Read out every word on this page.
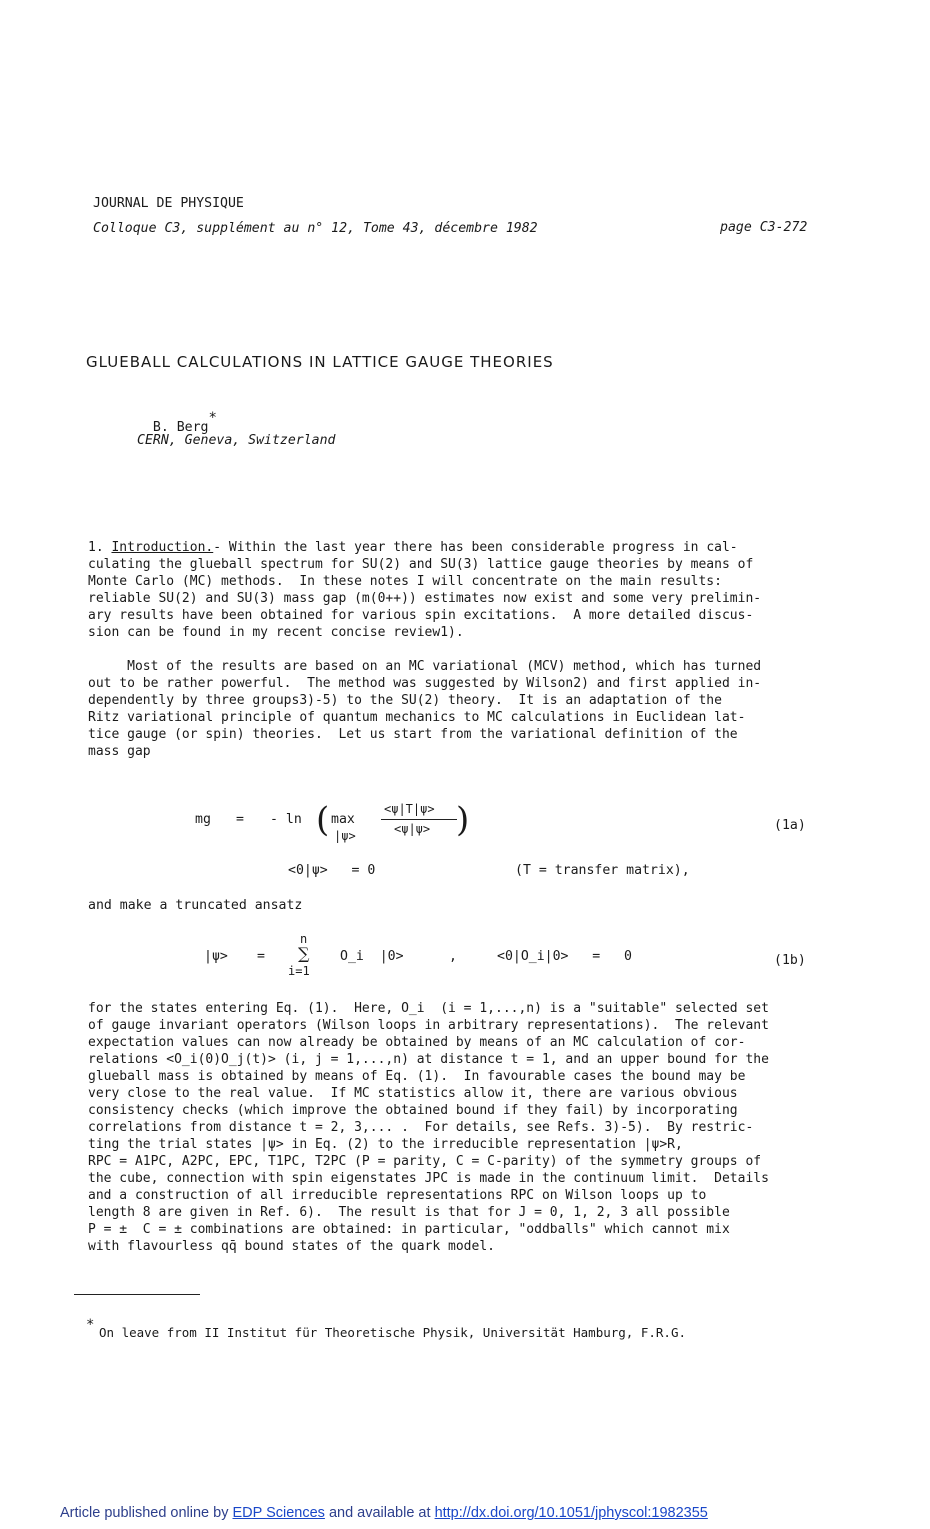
JOURNAL DE PHYSIQUE
Colloque C3, supplément au n° 12, Tome 43, décembre 1982	page C3-272
GLUEBALL CALCULATIONS IN LATTICE GAUGE THEORIES

B. Berg*

CERN, Geneva, Switzerland
1. Introduction.- Within the last year there has been considerable progress in cal-
culating the glueball spectrum for SU(2) and SU(3) lattice gauge theories by means of
Monte Carlo (MC) methods.  In these notes I will concentrate on the main results:
reliable SU(2) and SU(3) mass gap (m(0++)) estimates now exist and some very prelimin-
ary results have been obtained for various spin excitations.  A more detailed discus-
sion can be found in my recent concise review1).
Most of the results are based on an MC variational (MCV) method, which has turned
out to be rather powerful.  The method was suggested by Wilson2) and first applied in-
dependently by three groups3)-5) to the SU(2) theory.  It is an adaptation of the
Ritz variational principle of quantum mechanics to MC calculations in Euclidean lat-
tice gauge (or spin) theories.  Let us start from the variational definition of the
mass gap
mg = - ln ( max
|ψ>
<ψ|T|ψ>
<ψ|ψ> )	(1a)
<0|ψ>   = 0	(T = transfer matrix),
and make a truncated ansatz
|ψ> =
n
∑
i=1
O_i  |0>	,	<0|O_i|0>   =   0	(1b)
for the states entering Eq. (1).  Here, O_i  (i = 1,...,n) is a "suitable" selected set
of gauge invariant operators (Wilson loops in arbitrary representations).  The relevant
expectation values can now already be obtained by means of an MC calculation of cor-
relations <O_i(0)O_j(t)> (i, j = 1,...,n) at distance t = 1, and an upper bound for the
glueball mass is obtained by means of Eq. (1).  In favourable cases the bound may be
very close to the real value.  If MC statistics allow it, there are various obvious
consistency checks (which improve the obtained bound if they fail) by incorporating
correlations from distance t = 2, 3,... .  For details, see Refs. 3)-5).  By restric-
ting the trial states |ψ> in Eq. (2) to the irreducible representation |ψ>R,
RPC = A1PC, A2PC, EPC, T1PC, T2PC (P = parity, C = C-parity) of the symmetry groups of
the cube, connection with spin eigenstates JPC is made in the continuum limit.  Details
and a construction of all irreducible representations RPC on Wilson loops up to
length 8 are given in Ref. 6).  The result is that for J = 0, 1, 2, 3 all possible
P = ±  C = ± combinations are obtained: in particular, "oddballs" which cannot mix
with flavourless qq̄ bound states of the quark model.
* On leave from II Institut für Theoretische Physik, Universität Hamburg, F.R.G.
Article published online by EDP Sciences and available at http://dx.doi.org/10.1051/jphyscol:1982355
